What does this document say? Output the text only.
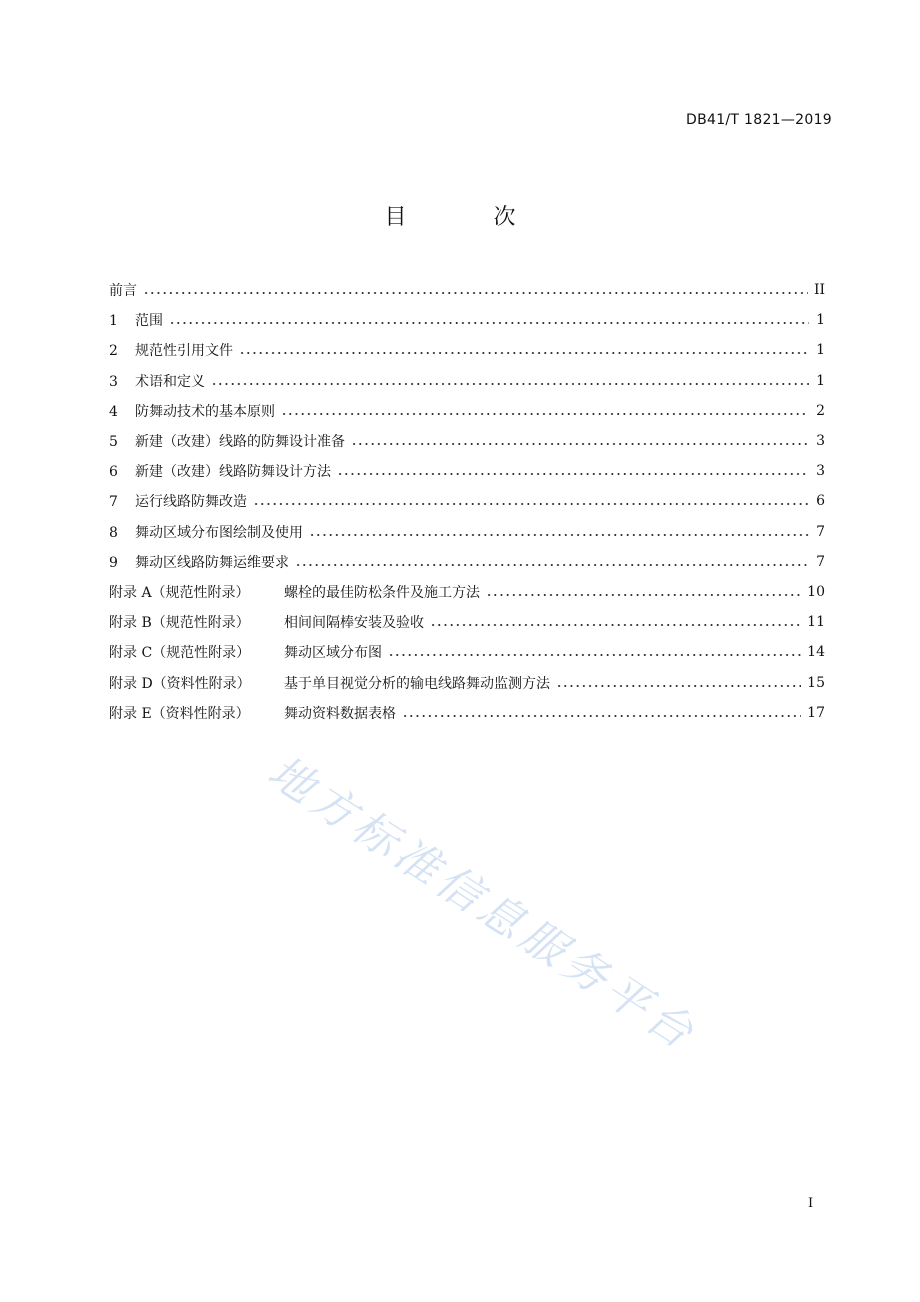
DB41/T 1821—2019
目 次
前言	II
1 范围	1
2 规范性引用文件	1
3 术语和定义	1
4 防舞动技术的基本原则	2
5 新建（改建）线路的防舞设计准备	3
6 新建（改建）线路防舞设计方法	3
7 运行线路防舞改造	6
8 舞动区域分布图绘制及使用	7
9 舞动区线路防舞运维要求	7
附录 A（规范性附录） 螺栓的最佳防松条件及施工方法	10
附录 B（规范性附录） 相间间隔棒安装及验收	11
附录 C（规范性附录） 舞动区域分布图	14
附录 D（资料性附录） 基于单目视觉分析的输电线路舞动监测方法	15
附录 E（资料性附录） 舞动资料数据表格	17
地方标准信息服务平台
I
